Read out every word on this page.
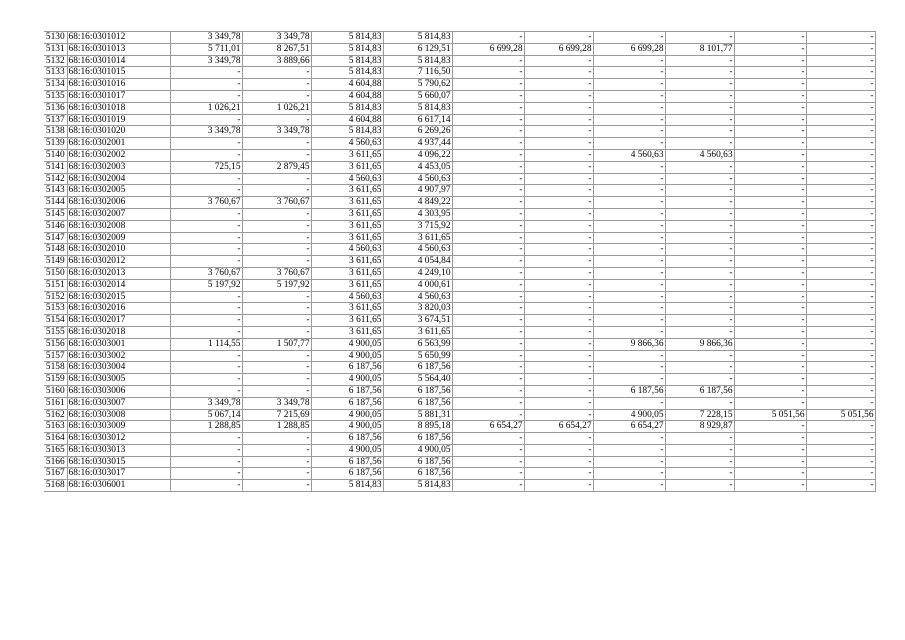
5130	68:16:0301012	3 349,78	3 349,78	5 814,83	5 814,83	-	-	-	-	-	-
5131	68:16:0301013	5 711,01	8 267,51	5 814,83	6 129,51	6 699,28	6 699,28	6 699,28	8 101,77	-	-
5132	68:16:0301014	3 349,78	3 889,66	5 814,83	5 814,83	-	-	-	-	-	-
5133	68:16:0301015	-	-	5 814,83	7 116,50	-	-	-	-	-	-
5134	68:16:0301016	-	-	4 604,88	5 790,62	-	-	-	-	-	-
5135	68:16:0301017	-	-	4 604,88	5 660,07	-	-	-	-	-	-
5136	68:16:0301018	1 026,21	1 026,21	5 814,83	5 814,83	-	-	-	-	-	-
5137	68:16:0301019	-	-	4 604,88	6 617,14	-	-	-	-	-	-
5138	68:16:0301020	3 349,78	3 349,78	5 814,83	6 269,26	-	-	-	-	-	-
5139	68:16:0302001	-	-	4 560,63	4 937,44	-	-	-	-	-	-
5140	68:16:0302002	-	-	3 611,65	4 096,22	-	-	4 560,63	4 560,63	-	-
5141	68:16:0302003	725,15	2 879,45	3 611,65	4 453,05	-	-	-	-	-	-
5142	68:16:0302004	-	-	4 560,63	4 560,63	-	-	-	-	-	-
5143	68:16:0302005	-	-	3 611,65	4 907,97	-	-	-	-	-	-
5144	68:16:0302006	3 760,67	3 760,67	3 611,65	4 849,22	-	-	-	-	-	-
5145	68:16:0302007	-	-	3 611,65	4 303,95	-	-	-	-	-	-
5146	68:16:0302008	-	-	3 611,65	3 715,92	-	-	-	-	-	-
5147	68:16:0302009	-	-	3 611,65	3 611,65	-	-	-	-	-	-
5148	68:16:0302010	-	-	4 560,63	4 560,63	-	-	-	-	-	-
5149	68:16:0302012	-	-	3 611,65	4 054,84	-	-	-	-	-	-
5150	68:16:0302013	3 760,67	3 760,67	3 611,65	4 249,10	-	-	-	-	-	-
5151	68:16:0302014	5 197,92	5 197,92	3 611,65	4 000,61	-	-	-	-	-	-
5152	68:16:0302015	-	-	4 560,63	4 560,63	-	-	-	-	-	-
5153	68:16:0302016	-	-	3 611,65	3 820,03	-	-	-	-	-	-
5154	68:16:0302017	-	-	3 611,65	3 674,51	-	-	-	-	-	-
5155	68:16:0302018	-	-	3 611,65	3 611,65	-	-	-	-	-	-
5156	68:16:0303001	1 114,55	1 507,77	4 900,05	6 563,99	-	-	9 866,36	9 866,36	-	-
5157	68:16:0303002	-	-	4 900,05	5 650,99	-	-	-	-	-	-
5158	68:16:0303004	-	-	6 187,56	6 187,56	-	-	-	-	-	-
5159	68:16:0303005	-	-	4 900,05	5 564,40	-	-	-	-	-	-
5160	68:16:0303006	-	-	6 187,56	6 187,56	-	-	6 187,56	6 187,56	-	-
5161	68:16:0303007	3 349,78	3 349,78	6 187,56	6 187,56	-	-	-	-	-	-
5162	68:16:0303008	5 067,14	7 215,69	4 900,05	5 881,31	-	-	4 900,05	7 228,15	5 051,56	5 051,56
5163	68:16:0303009	1 288,85	1 288,85	4 900,05	8 895,18	6 654,27	6 654,27	6 654,27	8 929,87	-	-
5164	68:16:0303012	-	-	6 187,56	6 187,56	-	-	-	-	-	-
5165	68:16:0303013	-	-	4 900,05	4 900,05	-	-	-	-	-	-
5166	68:16:0303015	-	-	6 187,56	6 187,56	-	-	-	-	-	-
5167	68:16:0303017	-	-	6 187,56	6 187,56	-	-	-	-	-	-
5168	68:16:0306001	-	-	5 814,83	5 814,83	-	-	-	-	-	-
